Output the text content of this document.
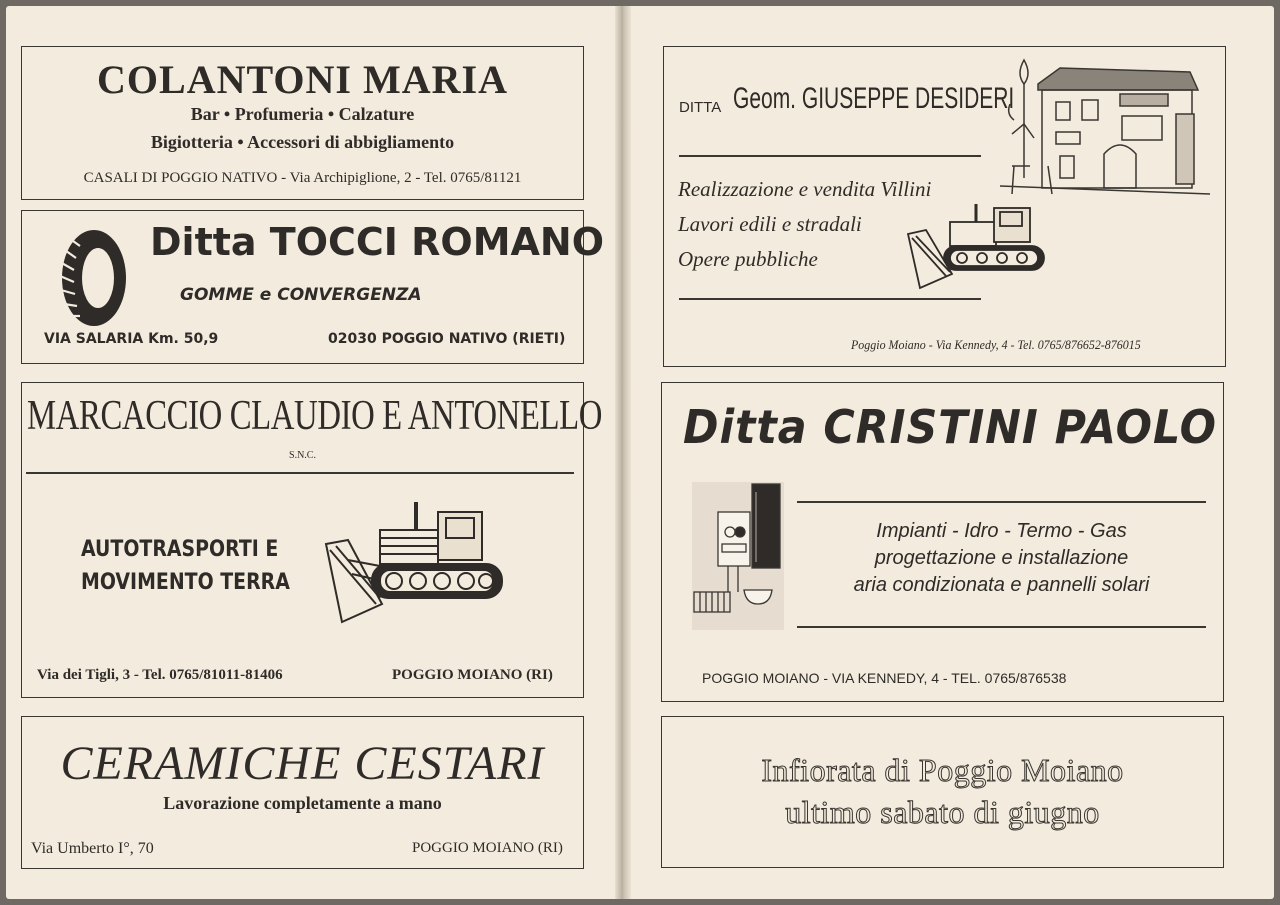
COLANTONI MARIA
Bar • Profumeria • Calzature
Bigiotteria • Accessori di abbigliamento
CASALI DI POGGIO NATIVO - Via Archipiglione, 2 - Tel. 0765/81121
Ditta TOCCI ROMANO
GOMME e CONVERGENZA
VIA SALARIA Km. 50,9	02030 POGGIO NATIVO (RIETI)
MARCACCIO CLAUDIO E ANTONELLO
S.N.C.
AUTOTRASPORTI E
MOVIMENTO TERRA
Via dei Tigli, 3 - Tel. 0765/81011-81406	POGGIO MOIANO (RI)
CERAMICHE CESTARI
Lavorazione completamente a mano
Via Umberto I°, 70	POGGIO MOIANO (RI)
DITTA Geom. GIUSEPPE DESIDERI
Realizzazione e vendita Villini
Lavori edili e stradali
Opere pubbliche
Poggio Moiano - Via Kennedy, 4 - Tel. 0765/876652-876015
Ditta CRISTINI PAOLO
Impianti - Idro - Termo - Gas
progettazione e installazione
aria condizionata e pannelli solari
POGGIO MOIANO - VIA KENNEDY, 4 - TEL. 0765/876538
Infiorata di Poggio Moiano
ultimo sabato di giugno
